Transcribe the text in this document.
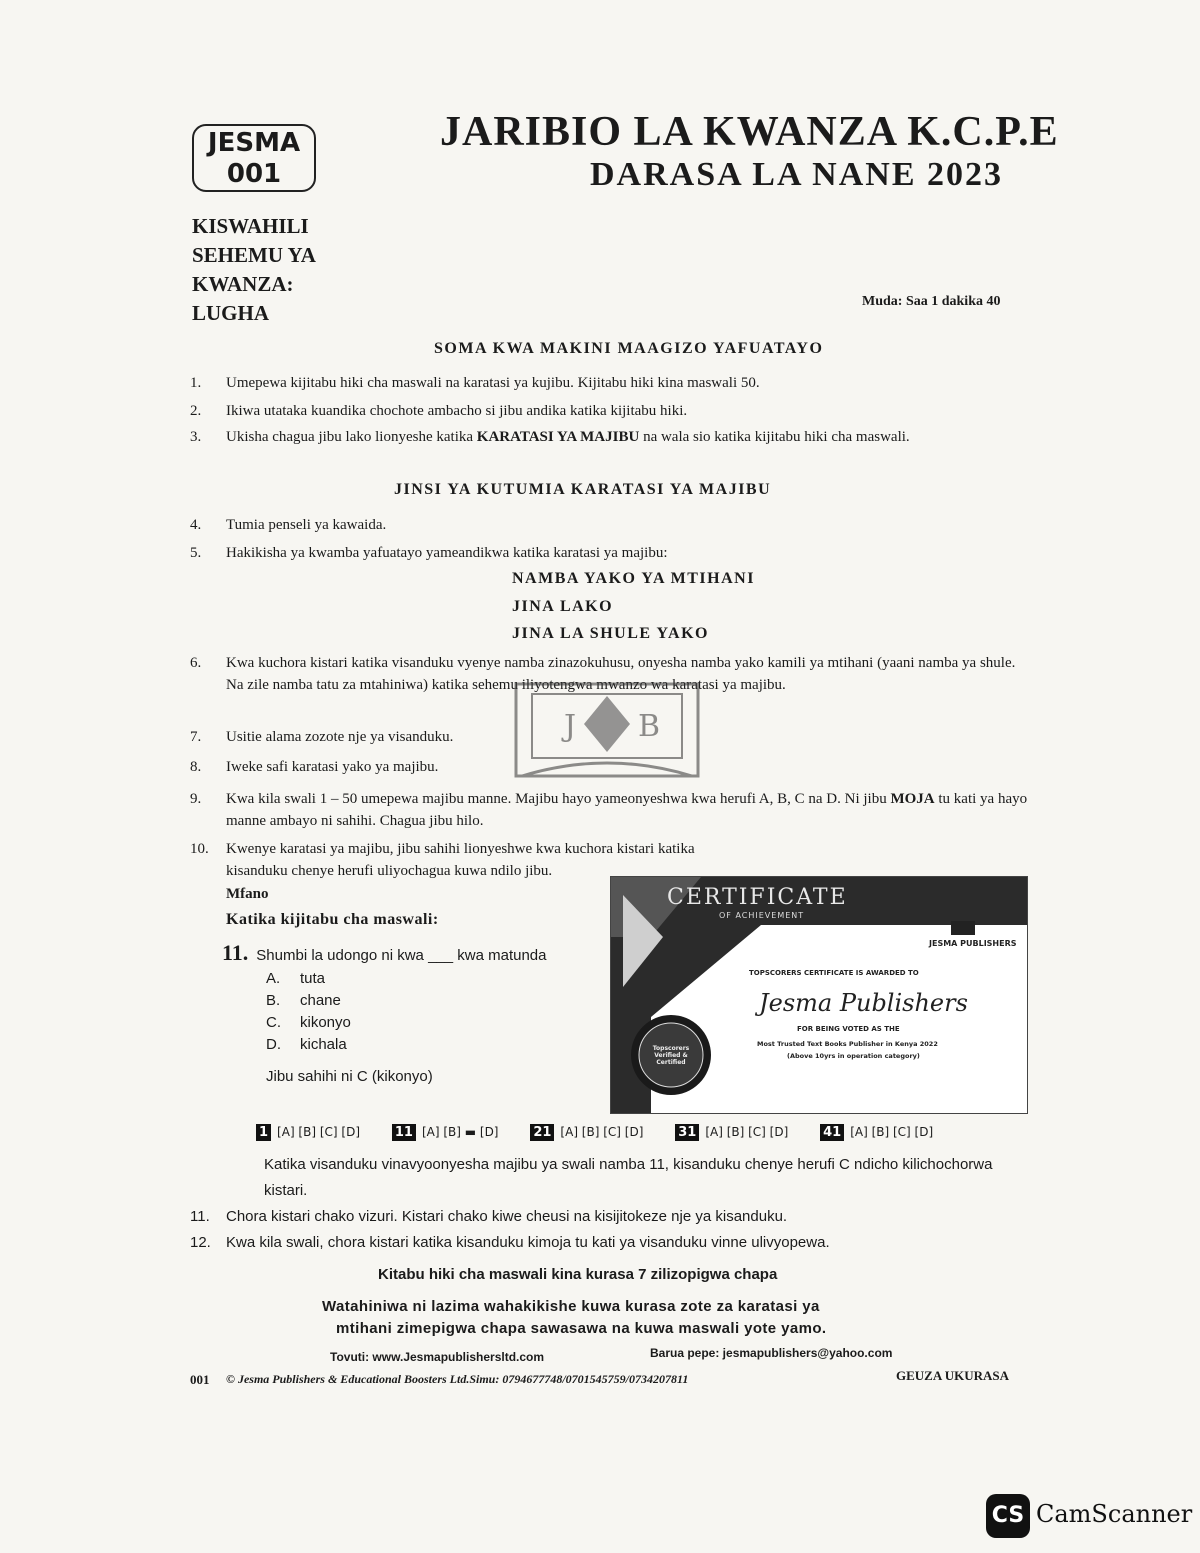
JESMA
001
JARIBIO LA KWANZA K.C.P.E
DARASA LA NANE 2023
KISWAHILI
SEHEMU YA
KWANZA:
LUGHA	Muda: Saa 1 dakika 40
SOMA KWA MAKINI MAAGIZO YAFUATAYO
1.	Umepewa kijitabu hiki cha maswali na karatasi ya kujibu. Kijitabu hiki kina maswali 50.
2.	Ikiwa utataka kuandika chochote ambacho si jibu andika katika kijitabu hiki.
3.	Ukisha chagua jibu lako lionyeshe katika KARATASI YA MAJIBU na wala sio katika kijitabu hiki cha maswali.
JINSI YA KUTUMIA KARATASI YA MAJIBU
4.	Tumia penseli ya kawaida.
5.	Hakikisha ya kwamba yafuatayo yameandikwa katika karatasi ya majibu:
NAMBA YAKO YA MTIHANI
JINA LAKO
JINA LA SHULE YAKO
6.	Kwa kuchora kistari katika visanduku vyenye namba zinazokuhusu, onyesha namba yako kamili ya mtihani (yaani namba ya shule. Na zile namba tatu za mtahiniwa) katika sehemu iliyotengwa mwanzo wa karatasi ya majibu.
7.	Usitie alama zozote nje ya visanduku.
8.	Iweke safi karatasi yako ya majibu.
9.	Kwa kila swali 1 – 50 umepewa majibu manne. Majibu hayo yameonyeshwa kwa herufi A, B, C na D. Ni jibu MOJA tu kati ya hayo manne ambayo ni sahihi. Chagua jibu hilo.
10.	Kwenye karatasi ya majibu, jibu sahihi lionyeshwe kwa kuchora kistari katika kisanduku chenye herufi uliyochagua kuwa ndilo jibu.
J B
Mfano
Katika kijitabu cha maswali:
11. Shumbi la udongo ni kwa ___ kwa matunda
A. tuta
B. chane
C. kikonyo
D. kichala
Jibu sahihi ni C (kikonyo)
CERTIFICATE
OF ACHIEVEMENT
JESMA PUBLISHERS
TOPSCORERS CERTIFICATE IS AWARDED TO
Jesma Publishers
FOR BEING VOTED AS THE
Most Trusted Text Books Publisher in Kenya 2022
(Above 10yrs in operation category)
Topscorers Verified & Certified
1 [A] [B] [C] [D]	11 [A] [B] ▬ [D]	21 [A] [B] [C] [D]	31 [A] [B] [C] [D]	41 [A] [B] [C] [D]
Katika visanduku vinavyoonyesha majibu ya swali namba 11, kisanduku chenye herufi C ndicho kilichochorwa kistari.
11.	Chora kistari chako vizuri. Kistari chako kiwe cheusi na kisijitokeze nje ya kisanduku.
12.	Kwa kila swali, chora kistari katika kisanduku kimoja tu kati ya visanduku vinne ulivyopewa.
Kitabu hiki cha maswali kina kurasa 7 zilizopigwa chapa
Watahiniwa ni lazima wahakikishe kuwa kurasa zote za karatasi ya
mtihani zimepigwa chapa sawasawa na kuwa maswali yote yamo.
Tovuti: www.Jesmapublishersltd.com	Barua pepe: jesmapublishers@yahoo.com
001 © Jesma Publishers & Educational Boosters Ltd.Simu: 0794677748/0701545759/0734207811	GEUZA UKURASA
CS CamScanner
